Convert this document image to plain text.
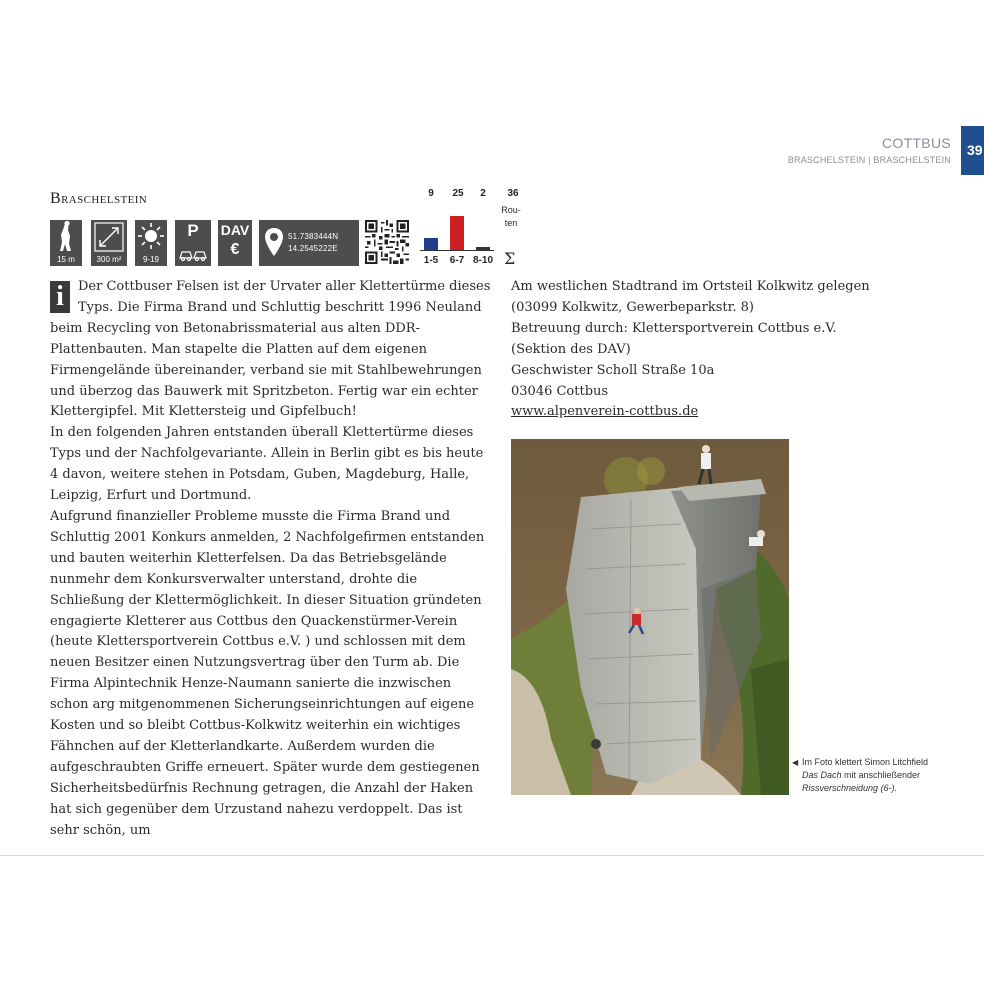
COTTBUS
BRASCHELSTEIN | BRASCHELSTEIN
39
Braschelstein
15 m	300 m²	9-19
P	DAV
€
51.7383444N
14.2545222E
9	25	2	36
Rou-
ten
1-5	6-7 8-10 Σ
i	Der Cottbuser Felsen ist der Urvater aller Klettertürme dieses Typs. Die Firma Brand und Schluttig beschritt 1996 Neuland beim Recycling von Betonabrissmaterial aus alten DDR-Plattenbauten. Man stapelte die Platten auf dem eigenen Firmengelände übereinander, verband sie mit Stahlbewehrungen und überzog das Bauwerk mit Spritzbeton. Fertig war ein echter Klettergipfel. Mit Klettersteig und Gipfelbuch!

In den folgenden Jahren entstanden überall Klettertürme dieses Typs und der Nachfolgevariante. Allein in Berlin gibt es bis heute 4 davon, weitere stehen in Potsdam, Guben, Magdeburg, Halle, Leipzig, Erfurt und Dortmund.

Aufgrund finanzieller Probleme musste die Firma Brand und Schluttig 2001 Konkurs anmelden, 2 Nachfolgefirmen entstanden und bauten weiterhin Kletterfelsen. Da das Betriebsgelände nunmehr dem Konkursverwalter unterstand, drohte die Schließung der Klettermöglichkeit. In dieser Situation gründeten engagierte Kletterer aus Cottbus den Quackenstürmer-Verein (heute Klettersportverein Cottbus e.V. ) und schlossen mit dem neuen Besitzer einen Nutzungsvertrag über den Turm ab. Die Firma Alpintechnik Henze-Naumann sanierte die inzwischen schon arg mitgenommenen Sicherungseinrichtungen auf eigene Kosten und so bleibt Cottbus-Kolkwitz weiterhin ein wichtiges Fähnchen auf der Kletterlandkarte. Außerdem wurden die aufgeschraubten Griffe erneuert. Später wurde dem gestiegenen Sicherheitsbedürfnis Rechnung getragen, die Anzahl der Haken hat sich gegenüber dem Urzustand nahezu verdoppelt. Das ist sehr schön, um

Am westlichen Stadtrand im Ortsteil Kolkwitz gelegen

(03099 Kolkwitz, Gewerbeparkstr. 8)

Betreuung durch: Klettersportverein Cottbus e.V.

(Sektion des DAV)

Geschwister Scholl Straße 10a

03046 Cottbus

www.alpenverein-cottbus.de

◀ Im Foto klettert Simon Litchfield
Das Dach mit anschließender
Rissverschneidung (6-).
